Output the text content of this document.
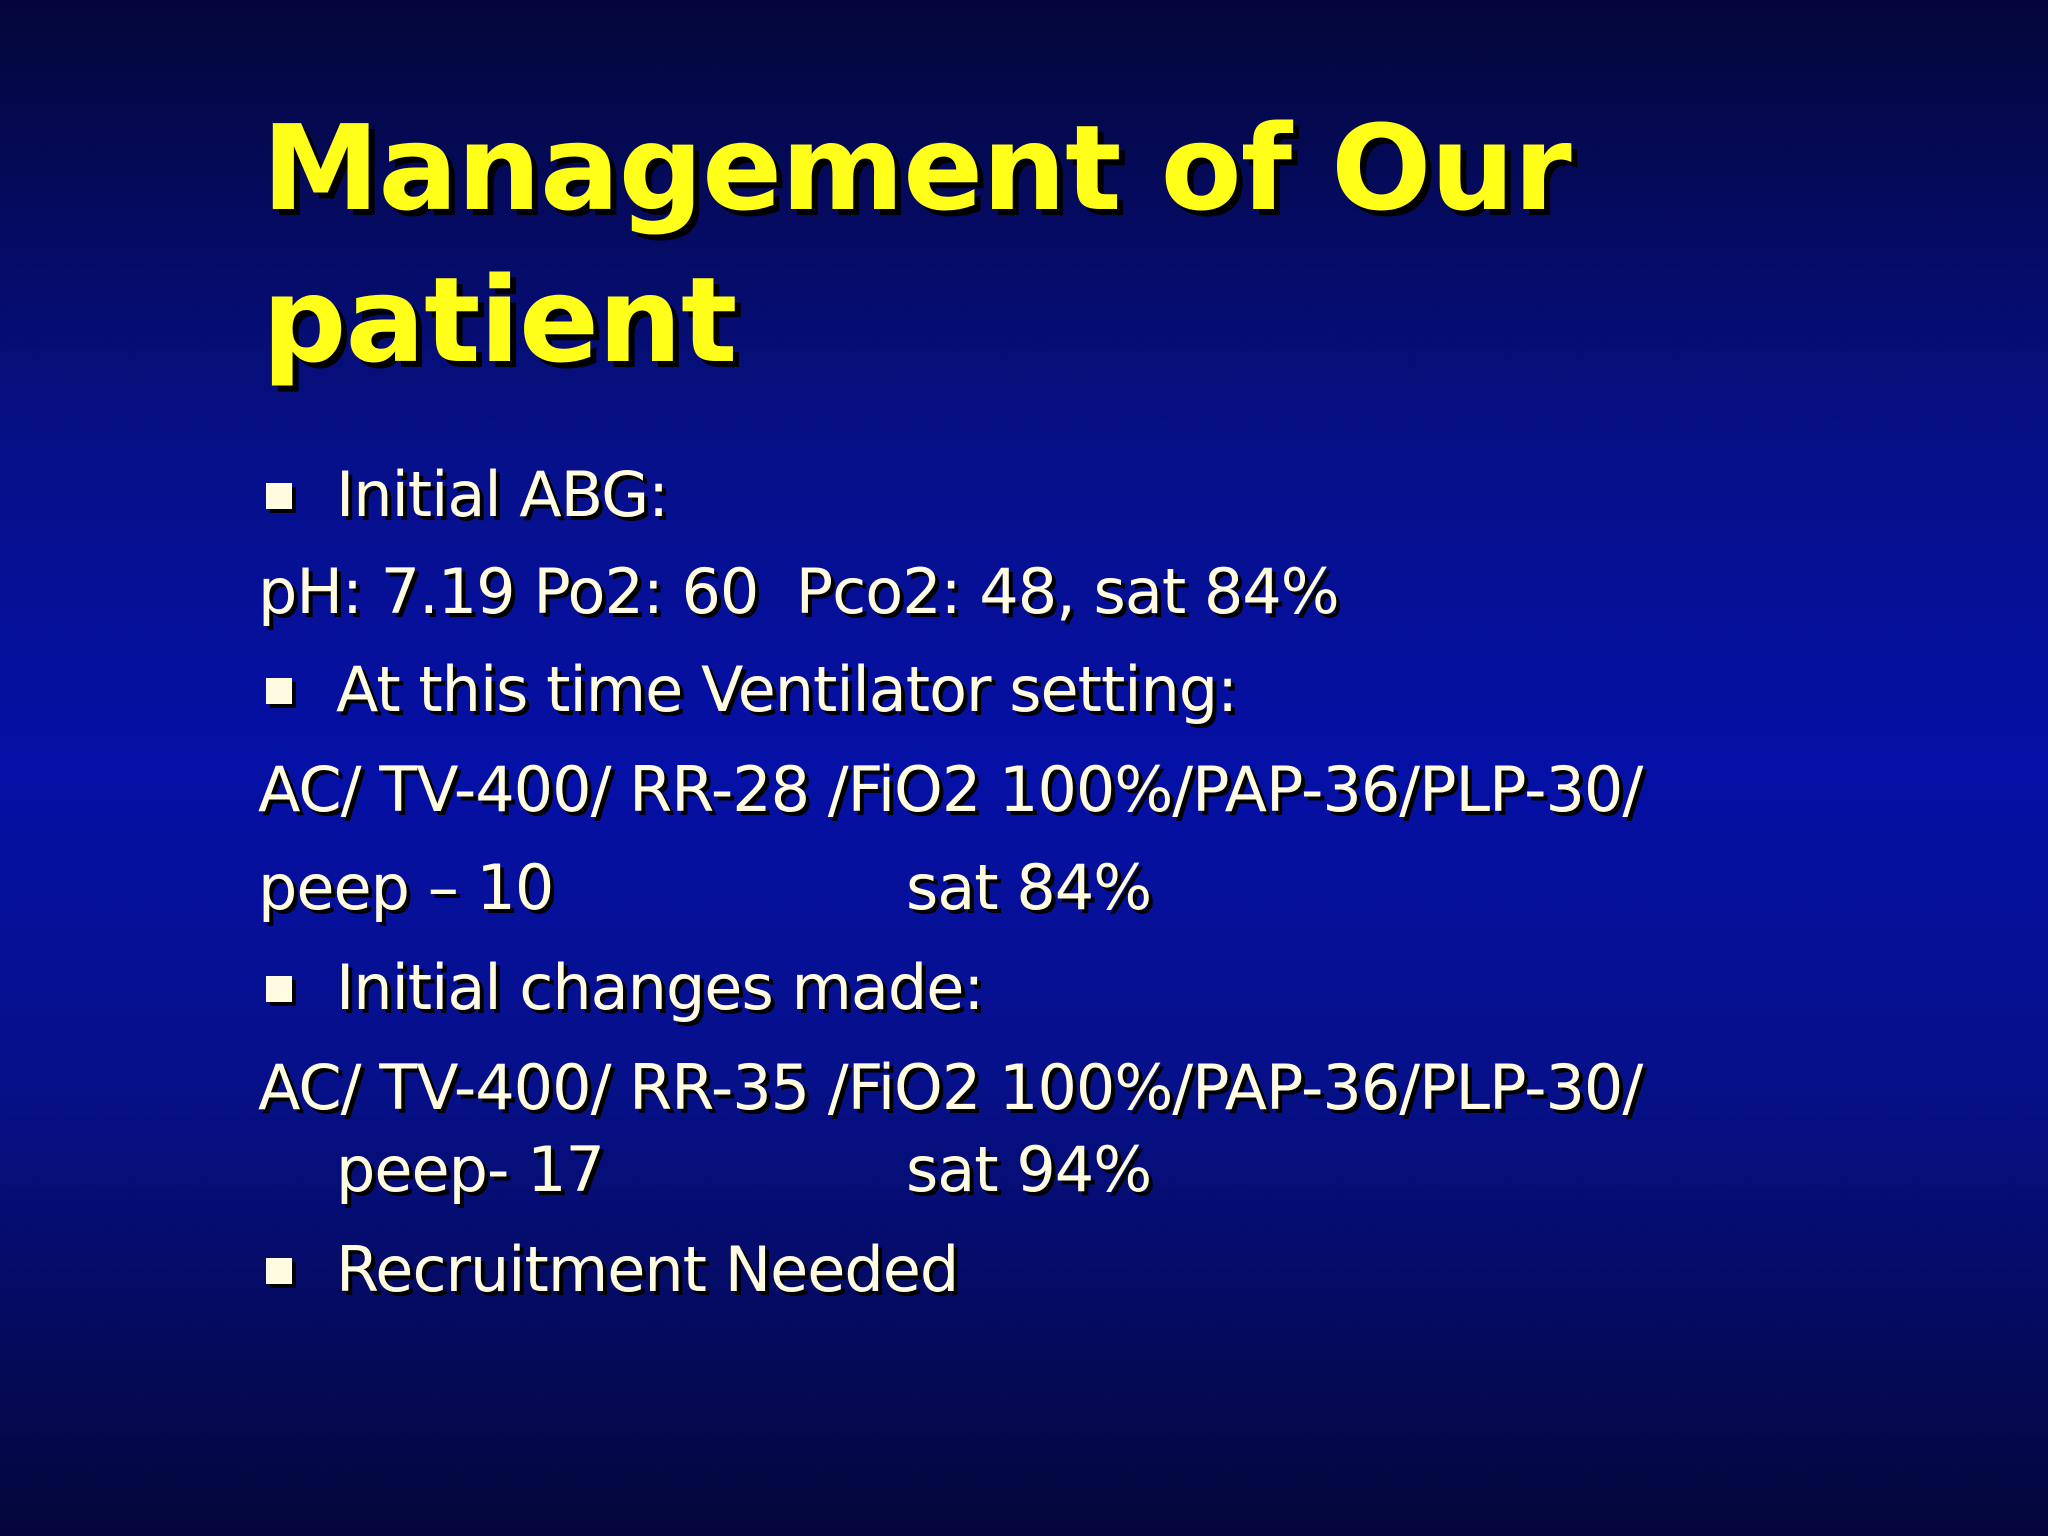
Management of Our
patient

Initial ABG:

pH: 7.19 Po2: 60  Pco2: 48, sat 84%

At this time Ventilator setting:

AC/ TV-400/ RR-28 /FiO2 100%/PAP-36/PLP-30/

peep – 10

	sat 84%

Initial changes made:

AC/ TV-400/ RR-35 /FiO2 100%/PAP-36/PLP-30/

peep- 17

	sat 94%

Recruitment Needed
